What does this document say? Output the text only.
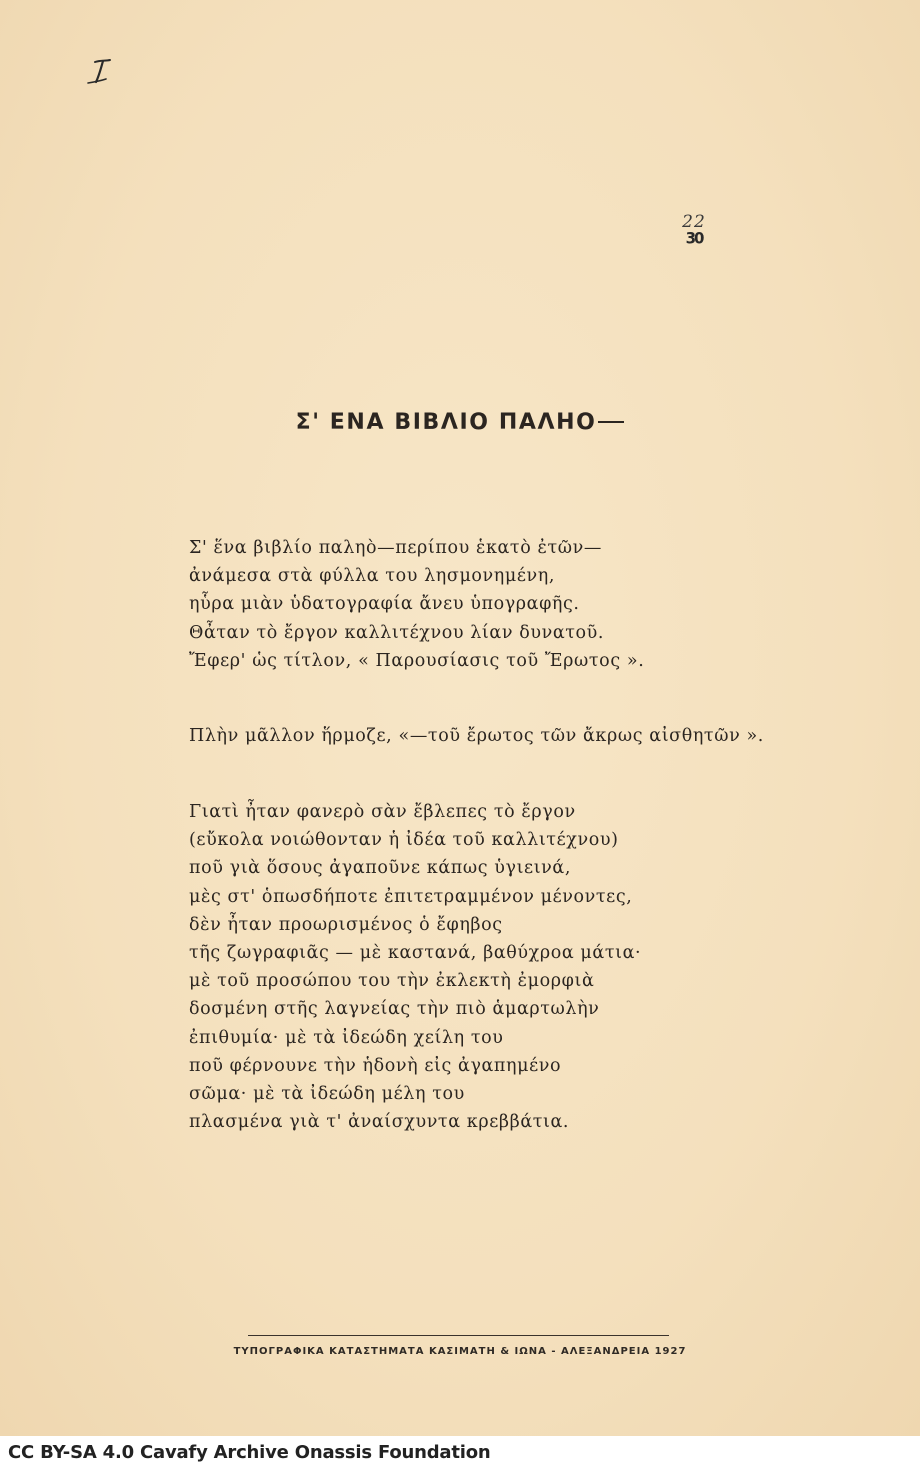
22
30
Σ' ΕΝΑ ΒΙΒΛΙΟ ΠΑΛΗΟ
Σ' ἕνα βιβλίο παληὸ—περίπου ἑκατὸ ἐτῶν—
ἀνάμεσα στὰ φύλλα του λησμονημένη,
ηὗρα μιὰν ὑδατογραφία ἄνευ ὑπογραφῆς.
Θἆταν τὸ ἔργον καλλιτέχνου λίαν δυνατοῦ.
Ἔφερ' ὡς τίτλον, « Παρουσίασις τοῦ Ἔρωτος ».
Πλὴν μᾶλλον ἥρμοζε, «—τοῦ ἔρωτος τῶν ἄκρως αἰσθητῶν ».
Γιατὶ ἦταν φανερὸ σὰν ἔβλεπες τὸ ἔργον
(εὔκολα νοιώθονταν ἡ ἰδέα τοῦ καλλιτέχνου)
ποῦ γιὰ ὅσους ἀγαποῦνε κάπως ὑγιεινά,
μὲς στ' ὁπωσδήποτε ἐπιτετραμμένον μένοντες,
δὲν ἦταν προωρισμένος ὁ ἔφηβος
τῆς ζωγραφιᾶς — μὲ καστανά, βαθύχροα μάτια·
μὲ τοῦ προσώπου του τὴν ἐκλεκτὴ ἐμορφιὰ
δοσμένη στῆς λαγνείας τὴν πιὸ ἁμαρτωλὴν
ἐπιθυμία· μὲ τὰ ἰδεώδη χείλη του
ποῦ φέρνουνε τὴν ἡδονὴ εἰς ἀγαπημένο
σῶμα· μὲ τὰ ἰδεώδη μέλη του
πλασμένα γιὰ τ' ἀναίσχυντα κρεββάτια.
ΤΥΠΟΓΡΑΦΙΚΑ ΚΑΤΑΣΤΗΜΑΤΑ ΚΑΣΙΜΑΤΗ & ΙΩΝΑ - ΑΛΕΞΑΝΔΡΕΙΑ 1927
CC BY-SA 4.0 Cavafy Archive Onassis Foundation
